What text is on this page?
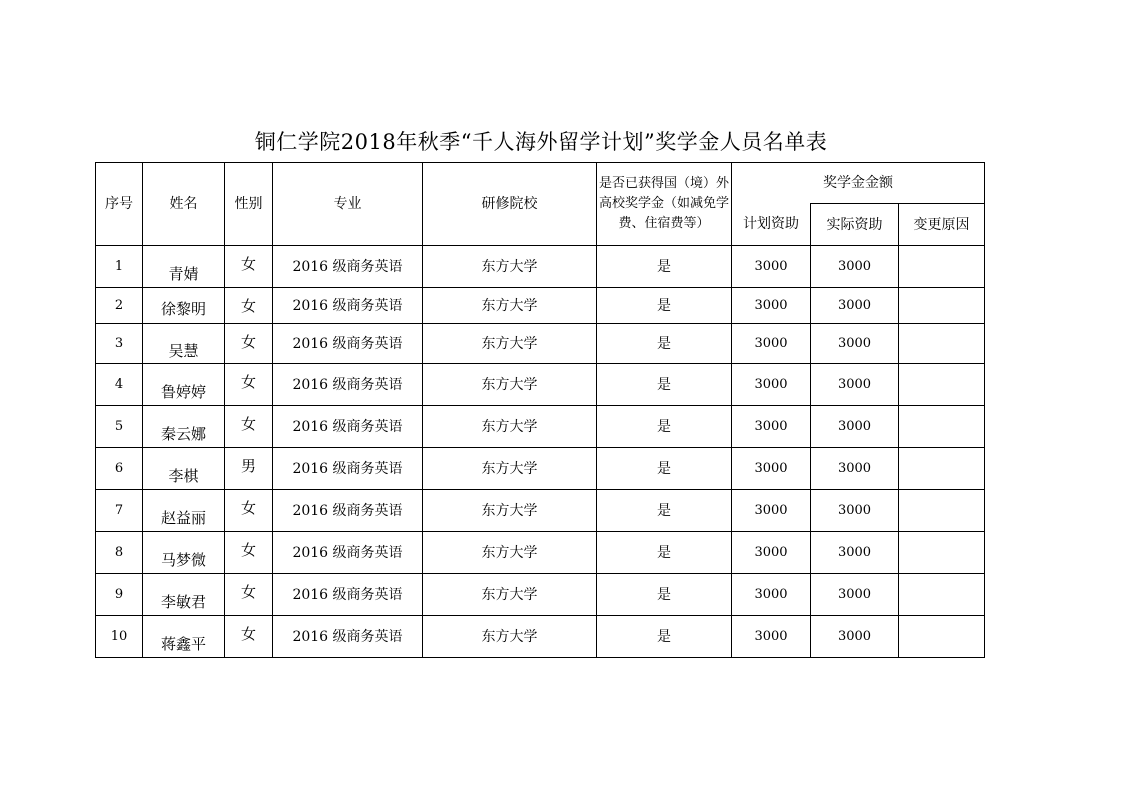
铜仁学院2018年秋季“千人海外留学计划”奖学金人员名单表
序号	姓名	性别	专业	研修院校	是否已获得国（境）外高校奖学金（如减免学费、住宿费等）	奖学金金额		
						计划资助	实际资助	变更原因
1	青婧	女	2016 级商务英语	东方大学	是	3000	3000	
2	徐黎明	女	2016 级商务英语	东方大学	是	3000	3000	
3	吴慧	女	2016 级商务英语	东方大学	是	3000	3000	
4	鲁婷婷	女	2016 级商务英语	东方大学	是	3000	3000	
5	秦云娜	女	2016 级商务英语	东方大学	是	3000	3000	
6	李棋	男	2016 级商务英语	东方大学	是	3000	3000	
7	赵益丽	女	2016 级商务英语	东方大学	是	3000	3000	
8	马梦微	女	2016 级商务英语	东方大学	是	3000	3000	
9	李敏君	女	2016 级商务英语	东方大学	是	3000	3000	
10	蒋鑫平	女	2016 级商务英语	东方大学	是	3000	3000	
